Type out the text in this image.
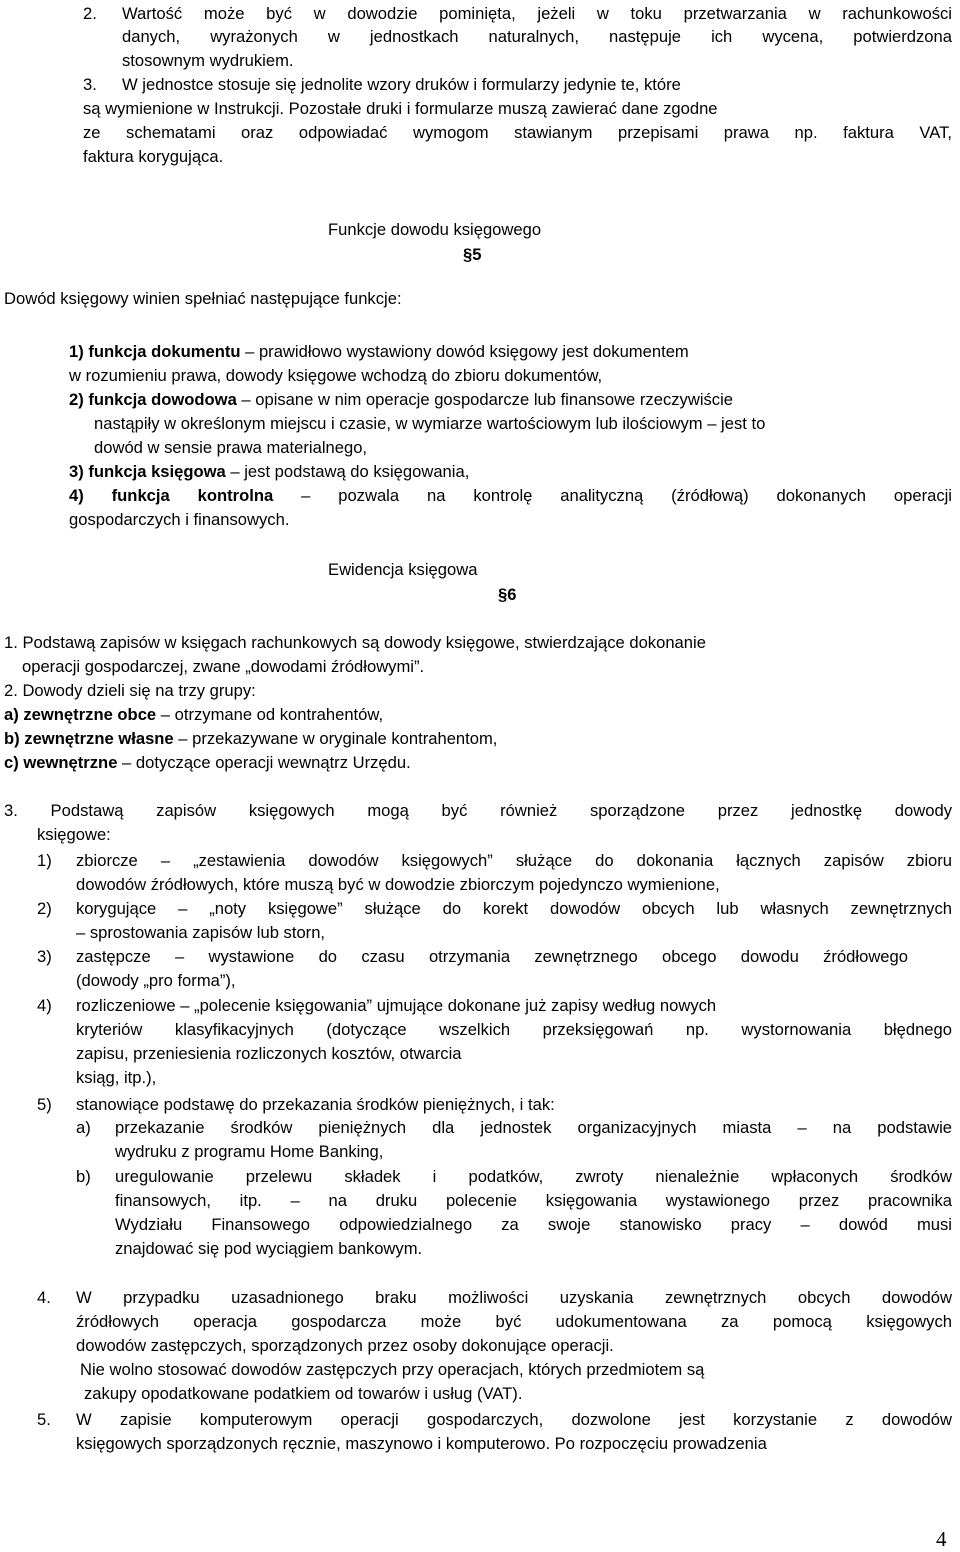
2. Wartość może być w dowodzie pominięta, jeżeli w toku przetwarzania w rachunkowości
danych, wyrażonych w jednostkach naturalnych, następuje ich wycena, potwierdzona
stosownym wydrukiem.
3. W jednostce stosuje się jednolite wzory druków i formularzy jedynie te, które
są wymienione w Instrukcji. Pozostałe druki i formularze muszą zawierać dane zgodne
ze schematami oraz odpowiadać wymogom stawianym przepisami prawa np. faktura VAT,
faktura korygująca.
Funkcje dowodu księgowego
§5
Dowód księgowy winien spełniać następujące funkcje:
1) funkcja dokumentu – prawidłowo wystawiony dowód księgowy jest dokumentem
w rozumieniu prawa, dowody księgowe wchodzą do zbioru dokumentów,
2) funkcja dowodowa – opisane w nim operacje gospodarcze lub finansowe rzeczywiście
nastąpiły w określonym miejscu i czasie, w wymiarze wartościowym lub ilościowym – jest to
dowód w sensie prawa materialnego,
3) funkcja księgowa – jest podstawą do księgowania,
4) funkcja kontrolna – pozwala na kontrolę analityczną (źródłową) dokonanych operacji
gospodarczych i finansowych.
Ewidencja księgowa
§6
1. Podstawą zapisów w księgach rachunkowych są dowody księgowe, stwierdzające dokonanie
operacji gospodarczej, zwane „dowodami źródłowymi”.
2. Dowody dzieli się na trzy grupy:
a) zewnętrzne obce – otrzymane od kontrahentów,
b) zewnętrzne własne – przekazywane w oryginale kontrahentom,
c) wewnętrzne – dotyczące operacji wewnątrz Urzędu.
3. Podstawą zapisów księgowych mogą być również sporządzone przez jednostkę dowody
księgowe:
1) zbiorcze – „zestawienia dowodów księgowych” służące do dokonania łącznych zapisów zbioru
dowodów źródłowych, które muszą być w dowodzie zbiorczym pojedynczo wymienione,
2) korygujące – „noty księgowe” służące do korekt dowodów obcych lub własnych zewnętrznych
– sprostowania zapisów lub storn,
3) zastępcze – wystawione do czasu otrzymania zewnętrznego obcego dowodu źródłowego
(dowody „pro forma”),
4) rozliczeniowe – „polecenie księgowania” ujmujące dokonane już zapisy według nowych
kryteriów klasyfikacyjnych (dotyczące wszelkich przeksięgowań np. wystornowania błędnego
zapisu, przeniesienia rozliczonych kosztów, otwarcia
ksiąg, itp.),
5) stanowiące podstawę do przekazania środków pieniężnych, i tak:
a) przekazanie środków pieniężnych dla jednostek organizacyjnych miasta – na podstawie
wydruku z programu Home Banking,
b) uregulowanie przelewu składek i podatków, zwroty nienależnie wpłaconych środków
finansowych, itp. – na druku polecenie księgowania wystawionego przez pracownika
Wydziału Finansowego odpowiedzialnego za swoje stanowisko pracy – dowód musi
znajdować się pod wyciągiem bankowym.
4. W przypadku uzasadnionego braku możliwości uzyskania zewnętrznych obcych dowodów
źródłowych operacja gospodarcza może być udokumentowana za pomocą księgowych
dowodów zastępczych, sporządzonych przez osoby dokonujące operacji.
Nie wolno stosować dowodów zastępczych przy operacjach, których przedmiotem są
zakupy opodatkowane podatkiem od towarów i usług (VAT).
5. W zapisie komputerowym operacji gospodarczych, dozwolone jest korzystanie z dowodów
księgowych sporządzonych ręcznie, maszynowo i komputerowo. Po rozpoczęciu prowadzenia
4
